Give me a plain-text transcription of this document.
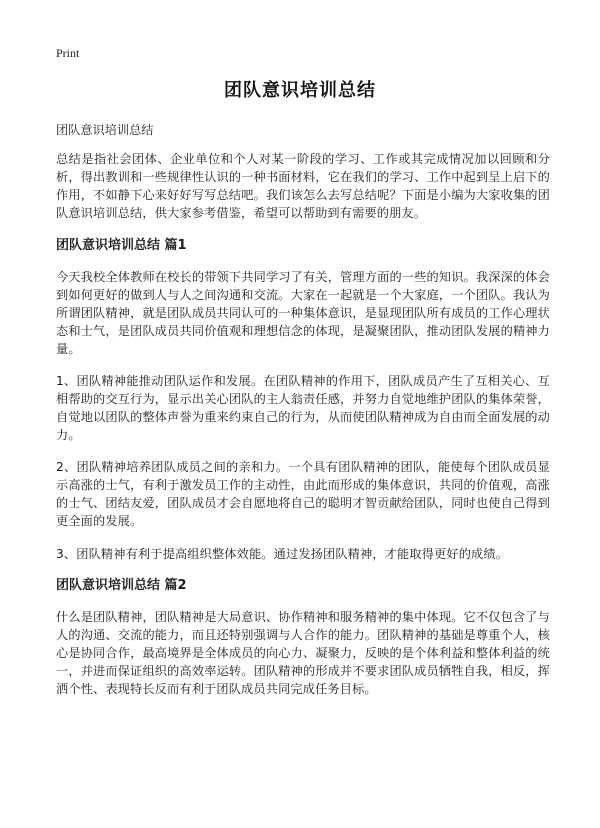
Print
团队意识培训总结

团队意识培训总结

总结是指社会团体、企业单位和个人对某一阶段的学习、工作或其完成情况加以回顾和分析，得出教训和一些规律性认识的一种书面材料，它在我们的学习、工作中起到呈上启下的作用，不如静下心来好好写写总结吧。我们该怎么去写总结呢？下面是小编为大家收集的团队意识培训总结，供大家参考借鉴，希望可以帮助到有需要的朋友。

团队意识培训总结 篇1

今天我校全体教师在校长的带领下共同学习了有关，管理方面的一些的知识。我深深的体会到如何更好的做到人与人之间沟通和交流。大家在一起就是一个大家庭，一个团队。我认为所谓团队精神，就是团队成员共同认可的一种集体意识，是显现团队所有成员的工作心理状态和士气，是团队成员共同价值观和理想信念的体现，是凝聚团队，推动团队发展的精神力量。

1、团队精神能推动团队运作和发展。在团队精神的作用下，团队成员产生了互相关心、互相帮助的交互行为，显示出关心团队的主人翁责任感，并努力自觉地维护团队的集体荣誉，自觉地以团队的整体声誉为重来约束自己的行为，从而使团队精神成为自由而全面发展的动力。

2、团队精神培养团队成员之间的亲和力。一个具有团队精神的团队，能使每个团队成员显示高涨的士气，有利于激发员工作的主动性，由此而形成的集体意识，共同的价值观，高涨的士气、团结友爱，团队成员才会自愿地将自己的聪明才智贡献给团队，同时也使自己得到更全面的发展。

3、团队精神有利于提高组织整体效能。通过发扬团队精神，才能取得更好的成绩。

团队意识培训总结 篇2

什么是团队精神，团队精神是大局意识、协作精神和服务精神的集中体现。它不仅包含了与人的沟通、交流的能力，而且还特别强调与人合作的能力。团队精神的基础是尊重个人，核心是协同合作，最高境界是全体成员的向心力、凝聚力，反映的是个体利益和整体利益的统一，并进而保证组织的高效率运转。团队精神的形成并不要求团队成员牺牲自我，相反，挥洒个性、表现特长反而有利于团队成员共同完成任务目标。
